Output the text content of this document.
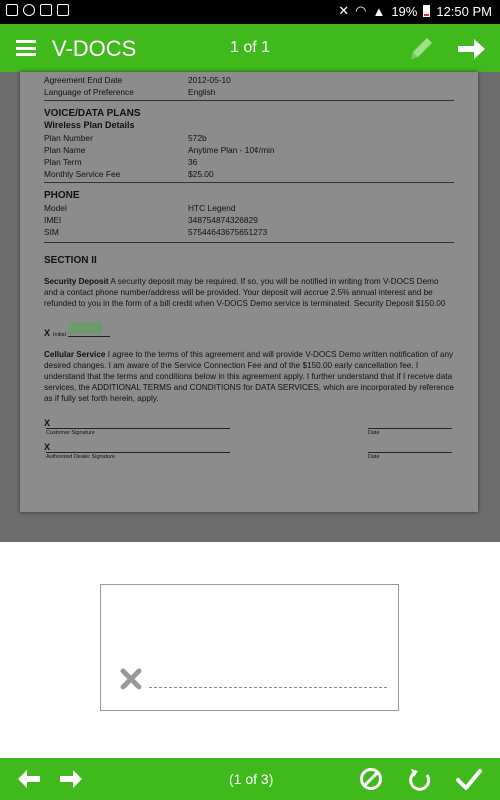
✕ ◠ ▲ 19% 12:50 PM
V-DOCS	1 of 1
Agreement End Date	2012-05-10
Language of Preference	English
VOICE/DATA PLANS
Wireless Plan Details
Plan Number	572b
Plan Name	Anytime Plan - 10¢/min
Plan Term	36
Monthly Service Fee	$25.00
PHONE
Model	HTC Legend
IMEI	348754874326829
SIM	57544643675651273
SECTION II
Security Deposit A security deposit may be required. If so, you will be notified in writing from V-DOCS Demo and a contact phone number/address will be provided. Your deposit will accrue 2.5% annual interest and be refunded to you in the form of a bill credit when V-DOCS Demo service is terminated. Security Deposit $150.00
X Initial
Cellular Service I agree to the terms of this agreement and will provide V-DOCS Demo written notification of any desired changes. I am aware of the Service Connection Fee and of the $150.00 early cancellation fee. I understand that the terms and conditions below in this agreement apply. I further understand that if I receive data services, the ADDITIONAL TERMS and CONDITIONS for DATA SERVICES, which are incorporated by reference as if fully set forth herein, apply.
X
Customer Signature	Date
X
Authorized Dealer Signature	Date
(1 of 3)
